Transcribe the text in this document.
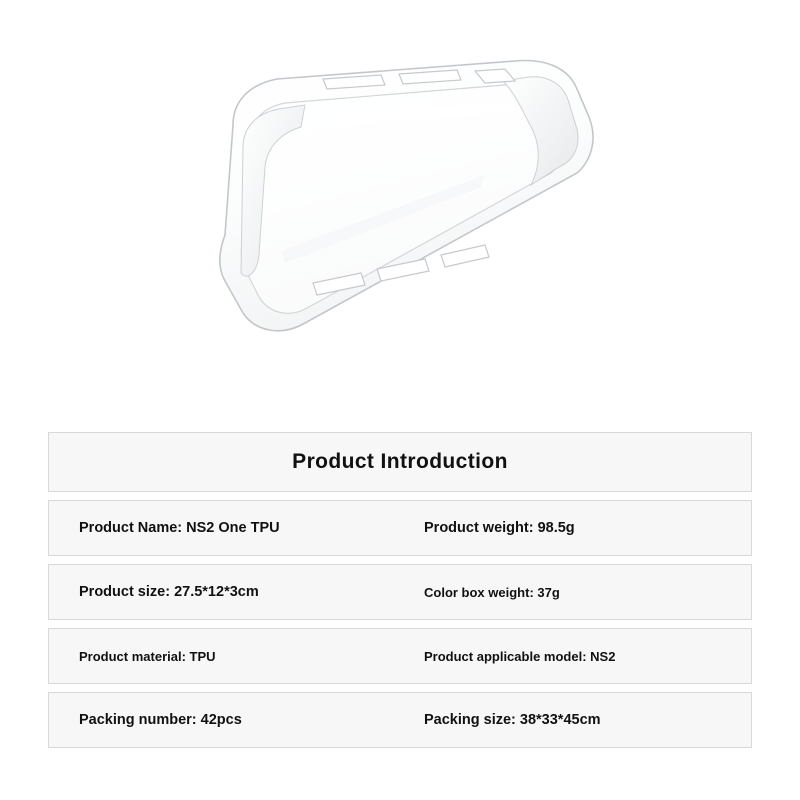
Product Introduction
Product Name: NS2 One TPU	Product weight: 98.5g
Product size: 27.5*12*3cm	Color box weight: 37g
Product material: TPU	Product applicable model: NS2
Packing number: 42pcs	Packing size: 38*33*45cm
